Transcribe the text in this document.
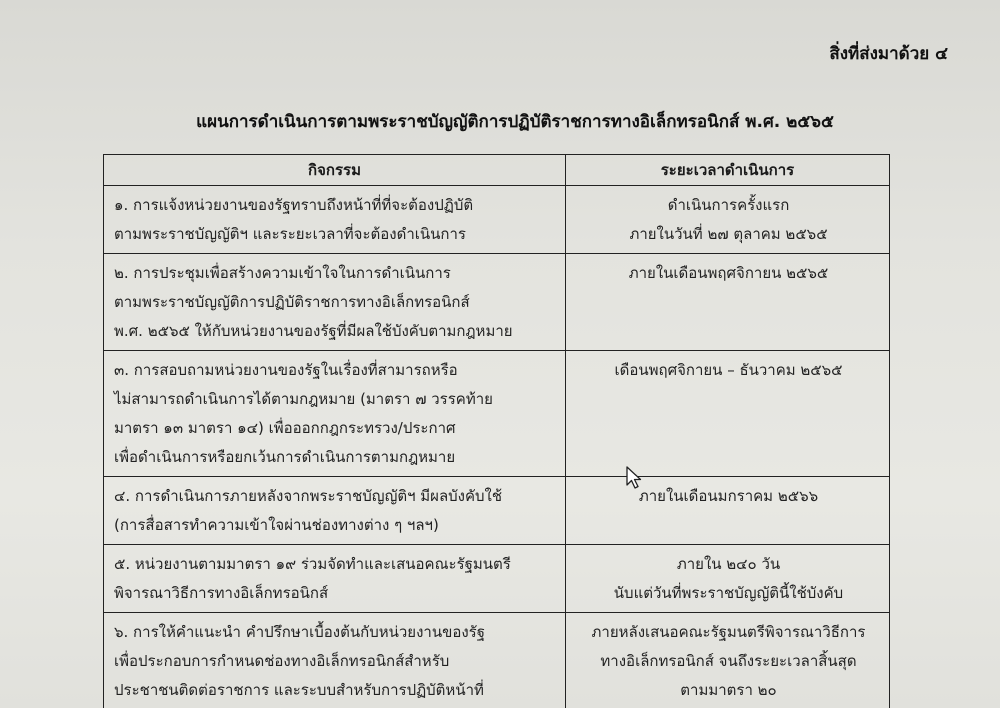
สิ่งที่ส่งมาด้วย ๔
แผนการดำเนินการตามพระราชบัญญัติการปฏิบัติราชการทางอิเล็กทรอนิกส์ พ.ศ. ๒๕๖๕
กิจกรรม	ระยะเวลาดำเนินการ

๑. การแจ้งหน่วยงานของรัฐทราบถึงหน้าที่ที่จะต้องปฏิบัติ
ตามพระราชบัญญัติฯ และระยะเวลาที่จะต้องดำเนินการ	ดำเนินการครั้งแรก
ภายในวันที่ ๒๗ ตุลาคม ๒๕๖๕

๒. การประชุมเพื่อสร้างความเข้าใจในการดำเนินการ
ตามพระราชบัญญัติการปฏิบัติราชการทางอิเล็กทรอนิกส์
พ.ศ. ๒๕๖๕ ให้กับหน่วยงานของรัฐที่มีผลใช้บังคับตามกฎหมาย	ภายในเดือนพฤศจิกายน ๒๕๖๕

๓. การสอบถามหน่วยงานของรัฐในเรื่องที่สามารถหรือ
ไม่สามารถดำเนินการได้ตามกฎหมาย (มาตรา ๗ วรรคท้าย
มาตรา ๑๓ มาตรา ๑๔) เพื่อออกกฎกระทรวง/ประกาศ
เพื่อดำเนินการหรือยกเว้นการดำเนินการตามกฎหมาย	เดือนพฤศจิกายน – ธันวาคม ๒๕๖๕

๔. การดำเนินการภายหลังจากพระราชบัญญัติฯ มีผลบังคับใช้
(การสื่อสารทำความเข้าใจผ่านช่องทางต่าง ๆ ฯลฯ)	ภายในเดือนมกราคม ๒๕๖๖

๕. หน่วยงานตามมาตรา ๑๙ ร่วมจัดทำและเสนอคณะรัฐมนตรี
พิจารณาวิธีการทางอิเล็กทรอนิกส์	ภายใน ๒๔๐ วัน
นับแต่วันที่พระราชบัญญัตินี้ใช้บังคับ

๖. การให้คำแนะนำ คำปรึกษาเบื้องต้นกับหน่วยงานของรัฐ
เพื่อประกอบการกำหนดช่องทางอิเล็กทรอนิกส์สำหรับ
ประชาชนติดต่อราชการ และระบบสำหรับการปฏิบัติหน้าที่	ภายหลังเสนอคณะรัฐมนตรีพิจารณาวิธีการ
ทางอิเล็กทรอนิกส์ จนถึงระยะเวลาสิ้นสุด
ตามมาตรา ๒๐
